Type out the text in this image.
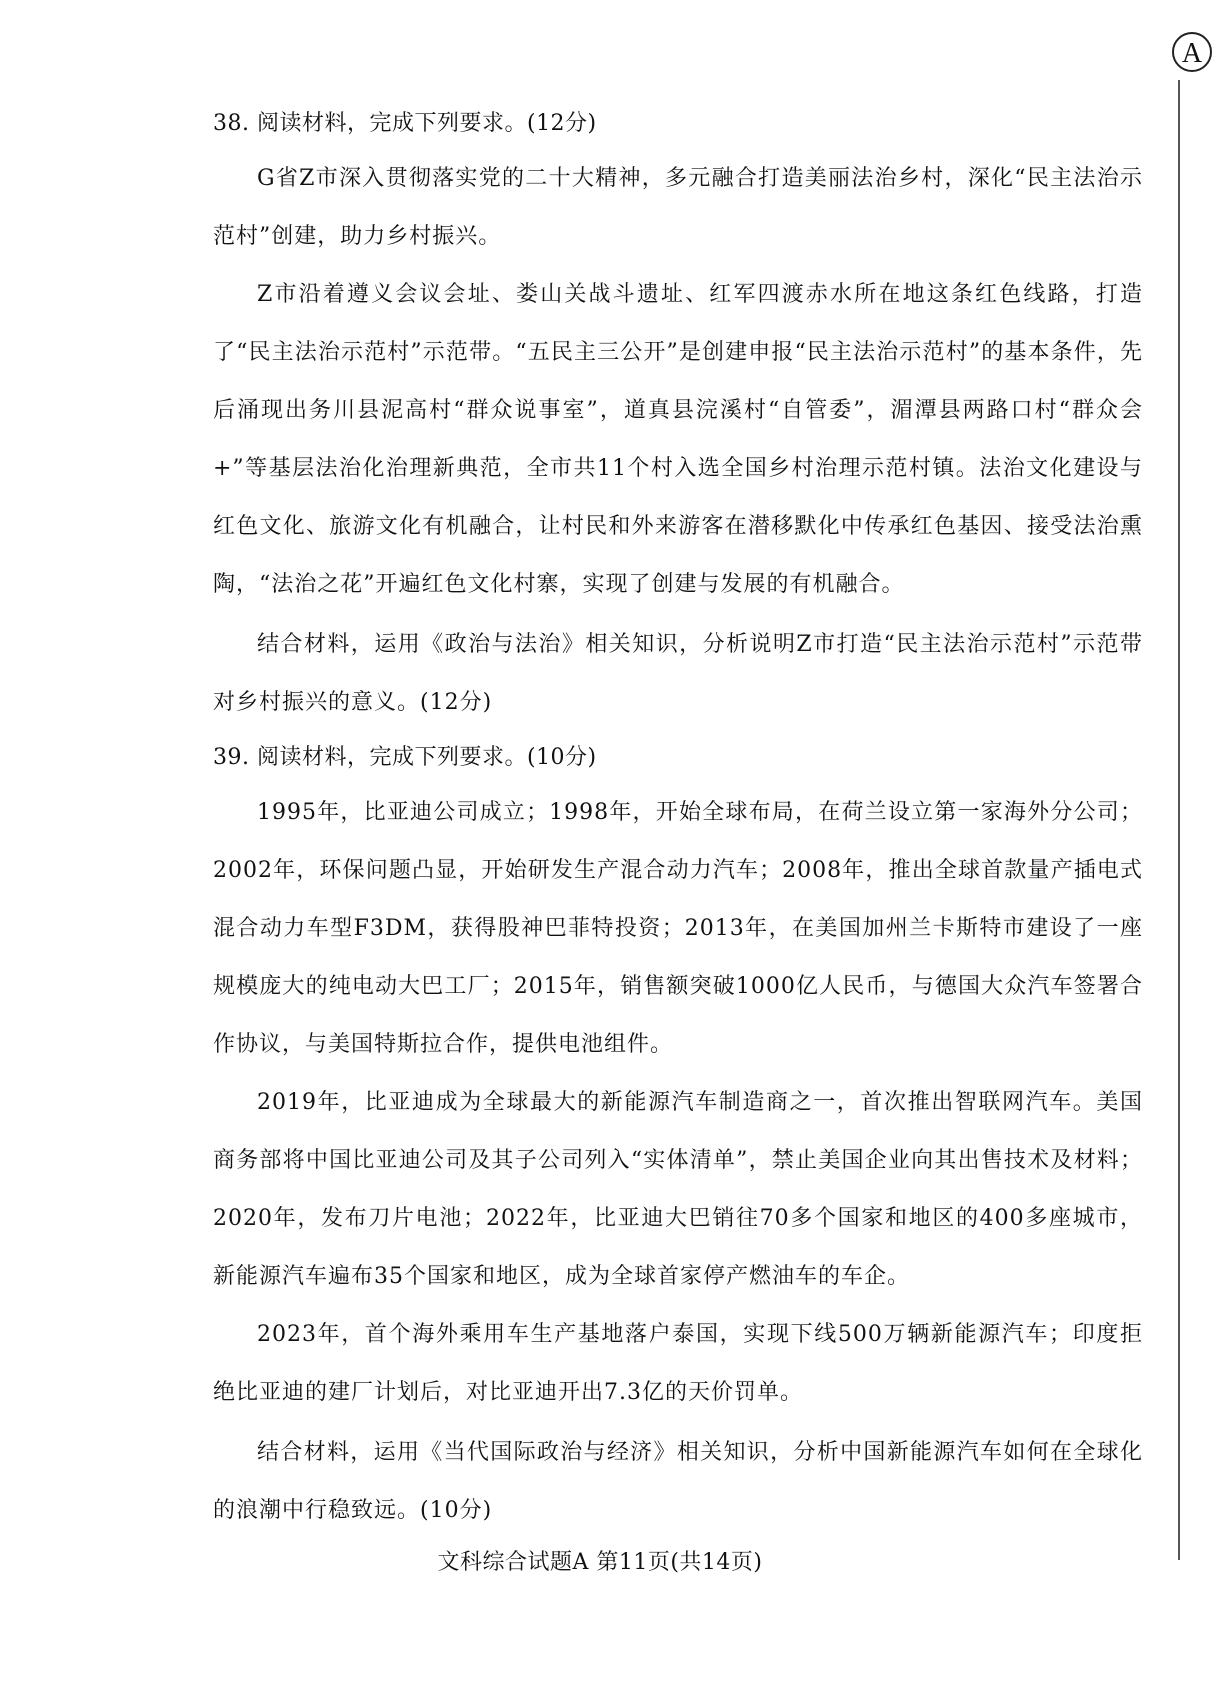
A

38. 阅读材料，完成下列要求。(12分)

G省Z市深入贯彻落实党的二十大精神，多元融合打造美丽法治乡村，深化“民主法治示范村”创建，助力乡村振兴。

Z市沿着遵义会议会址、娄山关战斗遗址、红军四渡赤水所在地这条红色线路，打造了“民主法治示范村”示范带。“五民主三公开”是创建申报“民主法治示范村”的基本条件，先后涌现出务川县泥高村“群众说事室”，道真县浣溪村“自管委”，湄潭县两路口村“群众会+”等基层法治化治理新典范，全市共11个村入选全国乡村治理示范村镇。法治文化建设与红色文化、旅游文化有机融合，让村民和外来游客在潜移默化中传承红色基因、接受法治熏陶，“法治之花”开遍红色文化村寨，实现了创建与发展的有机融合。

结合材料，运用《政治与法治》相关知识，分析说明Z市打造“民主法治示范村”示范带对乡村振兴的意义。(12分)

39. 阅读材料，完成下列要求。(10分)

1995年，比亚迪公司成立；1998年，开始全球布局，在荷兰设立第一家海外分公司；2002年，环保问题凸显，开始研发生产混合动力汽车；2008年，推出全球首款量产插电式混合动力车型F3DM，获得股神巴菲特投资；2013年，在美国加州兰卡斯特市建设了一座规模庞大的纯电动大巴工厂；2015年，销售额突破1000亿人民币，与德国大众汽车签署合作协议，与美国特斯拉合作，提供电池组件。

2019年，比亚迪成为全球最大的新能源汽车制造商之一，首次推出智联网汽车。美国商务部将中国比亚迪公司及其子公司列入“实体清单”，禁止美国企业向其出售技术及材料；2020年，发布刀片电池；2022年，比亚迪大巴销往70多个国家和地区的400多座城市，新能源汽车遍布35个国家和地区，成为全球首家停产燃油车的车企。

2023年，首个海外乘用车生产基地落户泰国，实现下线500万辆新能源汽车；印度拒绝比亚迪的建厂计划后，对比亚迪开出7.3亿的天价罚单。

结合材料，运用《当代国际政治与经济》相关知识，分析中国新能源汽车如何在全球化的浪潮中行稳致远。(10分)

文科综合试题A 第11页(共14页)
